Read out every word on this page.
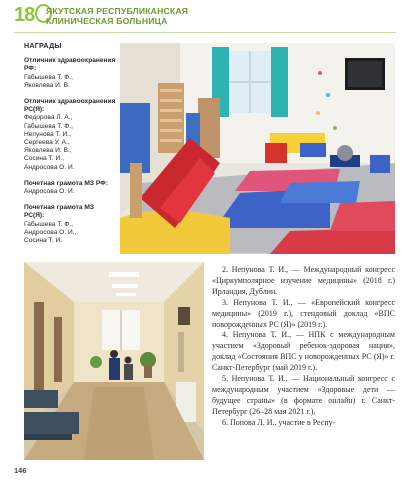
18	ЯКУТСКАЯ РЕСПУБЛИКАНСКАЯ
КЛИНИЧЕСКАЯ БОЛЬНИЦА
НАГРАДЫ
Отличник здравоохранения РФ:
Габышева Т. Ф.,
Яковлева И. В.
Отличник здравоохранения РС(Я):
Федорова Л. А.,
Габышева Т. Ф.,
Непунова Т. И.,
Сергеева У. А.,
Яковлева И. В.,
Сосина Т. И.,
Андросова О. И.
Почетная грамота МЗ РФ:
Андросова О. И.
Почетная грамота МЗ РС(Я):
Габышева Т. Ф.,
Андросова О. И.,
Сосина Т. И.

2. Непунова Т. И., — Международный конгресс «Циркумполярное изучение медицины» (2018 г.) Ирландия, Дублин.

3. Непунова Т. И., — «Европейский конгресс медицины» (2019 г.), стендовый доклад «ВПС новорожденных РС (Я)» (2019 г.).

4. Непунова Т. И., — НПК с международным участием «Здоровый ребенок-здоровая нация», доклад «Состояния ВПС у новорожденных РС (Я)» г. Санкт-Петербург (май 2019 г.).

5. Непунова Т. И., — Национальный конгресс с международным участием «Здоровые дети — будущее страны» (в формате онлайн) г. Санкт-Петербург (26–28 мая 2021 г.).

6. Попова Л. И., участие в Респу-

146
